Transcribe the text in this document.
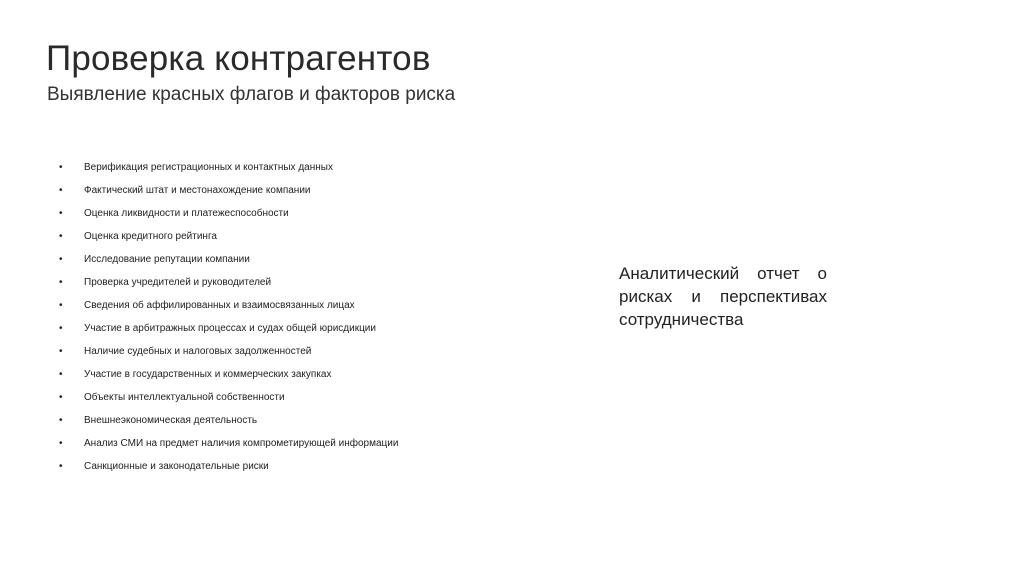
Проверка контрагентов
Выявление красных флагов и факторов риска
• Верификация регистрационных и контактных данных
• Фактический штат и местонахождение компании
• Оценка ликвидности и платежеспособности
• Оценка кредитного рейтинга
• Исследование репутации компании
• Проверка учредителей и руководителей
• Сведения об аффилированных и взаимосвязанных лицах
• Участие в арбитражных процессах и судах общей юрисдикции
• Наличие судебных и налоговых задолженностей
• Участие в государственных и коммерческих закупках
• Объекты интеллектуальной собственности
• Внешнеэкономическая деятельность
• Анализ СМИ на предмет наличия компрометирующей информации
• Санкционные и законодательные риски
Аналитический отчет о рисках и перспективах сотрудничества
